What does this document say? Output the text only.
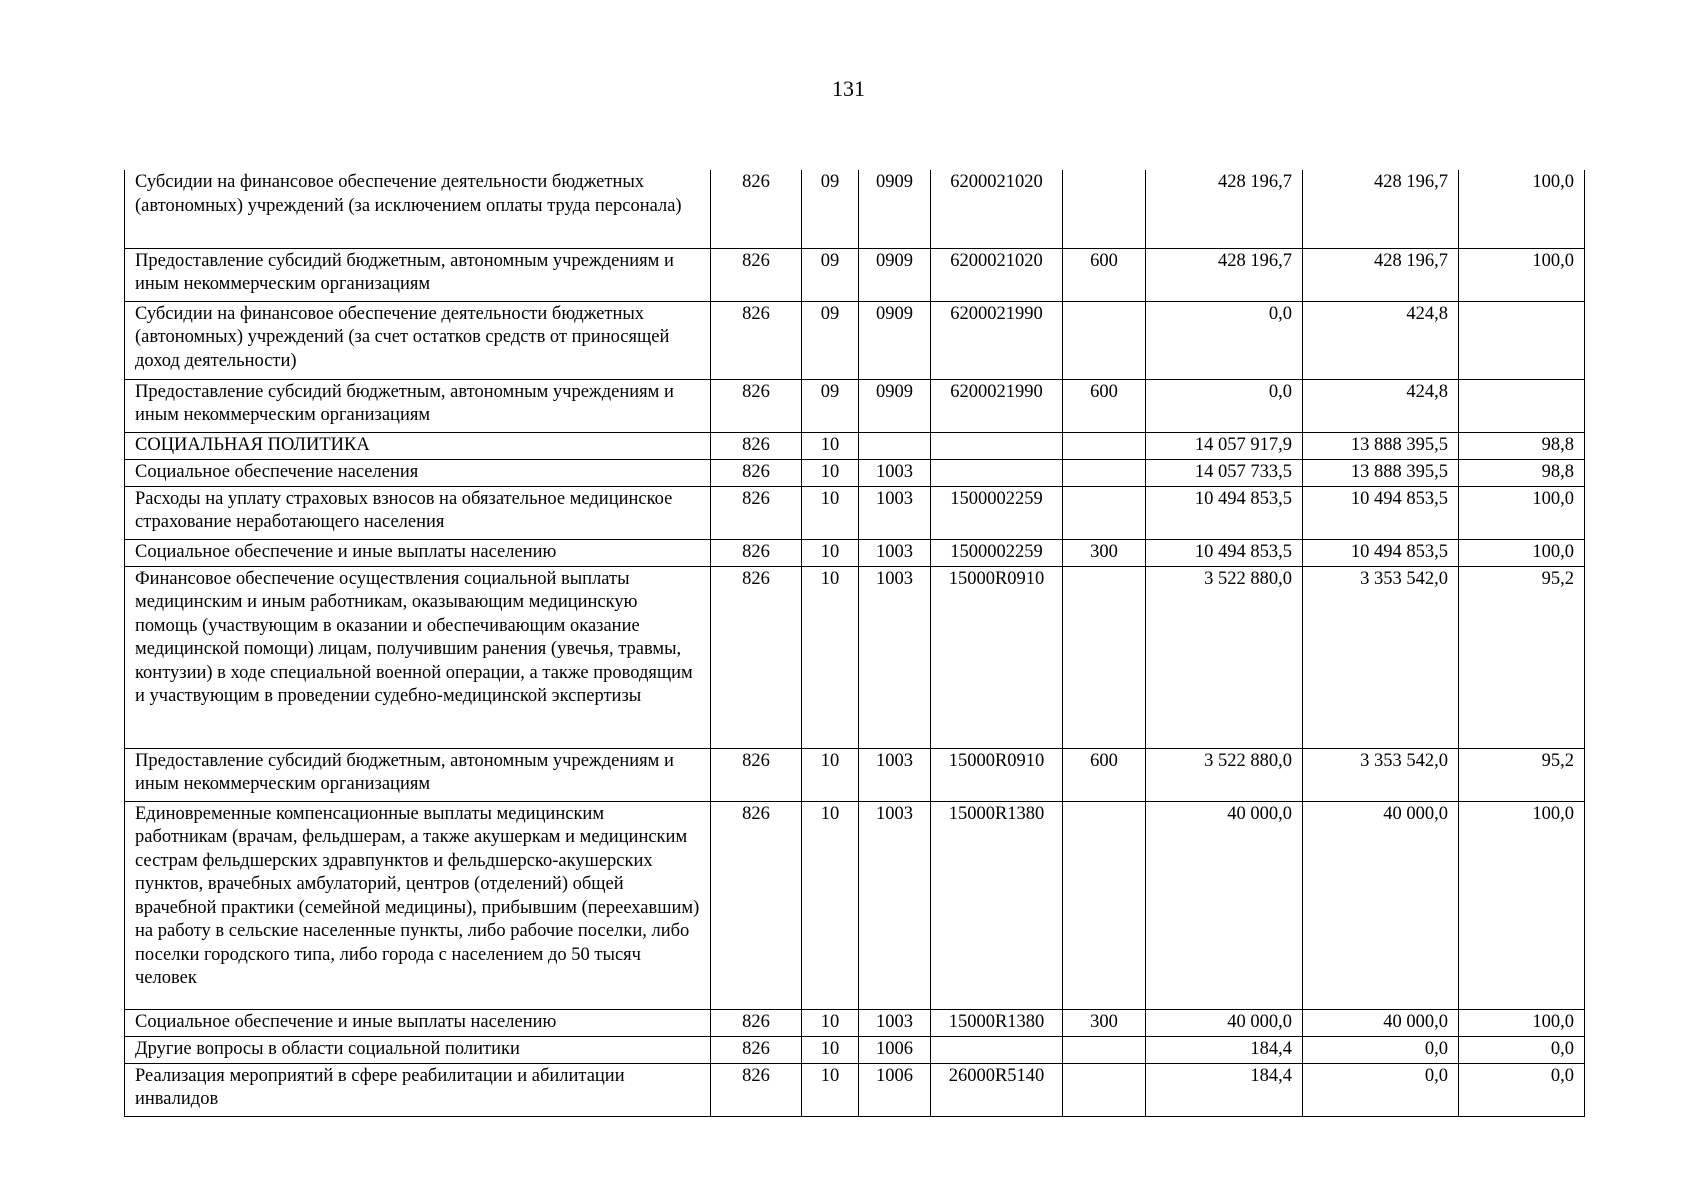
131
Субсидии на финансовое обеспечение деятельности бюджетных (автономных) учреждений (за исключением оплаты труда персонала)	826	09	0909	6200021020		428 196,7	428 196,7	100,0
Предоставление субсидий бюджетным, автономным учреждениям и иным некоммерческим организациям	826	09	0909	6200021020	600	428 196,7	428 196,7	100,0
Субсидии на финансовое обеспечение деятельности бюджетных (автономных) учреждений (за счет остатков средств от приносящей доход деятельности)	826	09	0909	6200021990		0,0	424,8	
Предоставление субсидий бюджетным, автономным учреждениям и иным некоммерческим организациям	826	09	0909	6200021990	600	0,0	424,8	
СОЦИАЛЬНАЯ ПОЛИТИКА	826	10				14 057 917,9	13 888 395,5	98,8
Социальное обеспечение населения	826	10	1003			14 057 733,5	13 888 395,5	98,8
Расходы на уплату страховых взносов на обязательное медицинское страхование неработающего населения	826	10	1003	1500002259		10 494 853,5	10 494 853,5	100,0
Социальное обеспечение и иные выплаты населению	826	10	1003	1500002259	300	10 494 853,5	10 494 853,5	100,0
Финансовое обеспечение осуществления социальной выплаты медицинским и иным работникам, оказывающим медицинскую помощь (участвующим в оказании и обеспечивающим оказание медицинской помощи) лицам, получившим ранения (увечья, травмы, контузии) в ходе специальной военной операции, а также проводящим и участвующим в проведении судебно-медицинской экспертизы	826	10	1003	15000R0910		3 522 880,0	3 353 542,0	95,2
Предоставление субсидий бюджетным, автономным учреждениям и иным некоммерческим организациям	826	10	1003	15000R0910	600	3 522 880,0	3 353 542,0	95,2
Единовременные компенсационные выплаты медицинским работникам (врачам, фельдшерам, а также акушеркам и медицинским сестрам фельдшерских здравпунктов и фельдшерско-акушерских пунктов, врачебных амбулаторий, центров (отделений) общей врачебной практики (семейной медицины), прибывшим (переехавшим) на работу в сельские населенные пункты, либо рабочие поселки, либо поселки городского типа, либо города с населением до 50 тысяч человек	826	10	1003	15000R1380		40 000,0	40 000,0	100,0
Социальное обеспечение и иные выплаты населению	826	10	1003	15000R1380	300	40 000,0	40 000,0	100,0
Другие вопросы в области социальной политики	826	10	1006			184,4	0,0	0,0
Реализация мероприятий в сфере реабилитации и абилитации инвалидов	826	10	1006	26000R5140		184,4	0,0	0,0
